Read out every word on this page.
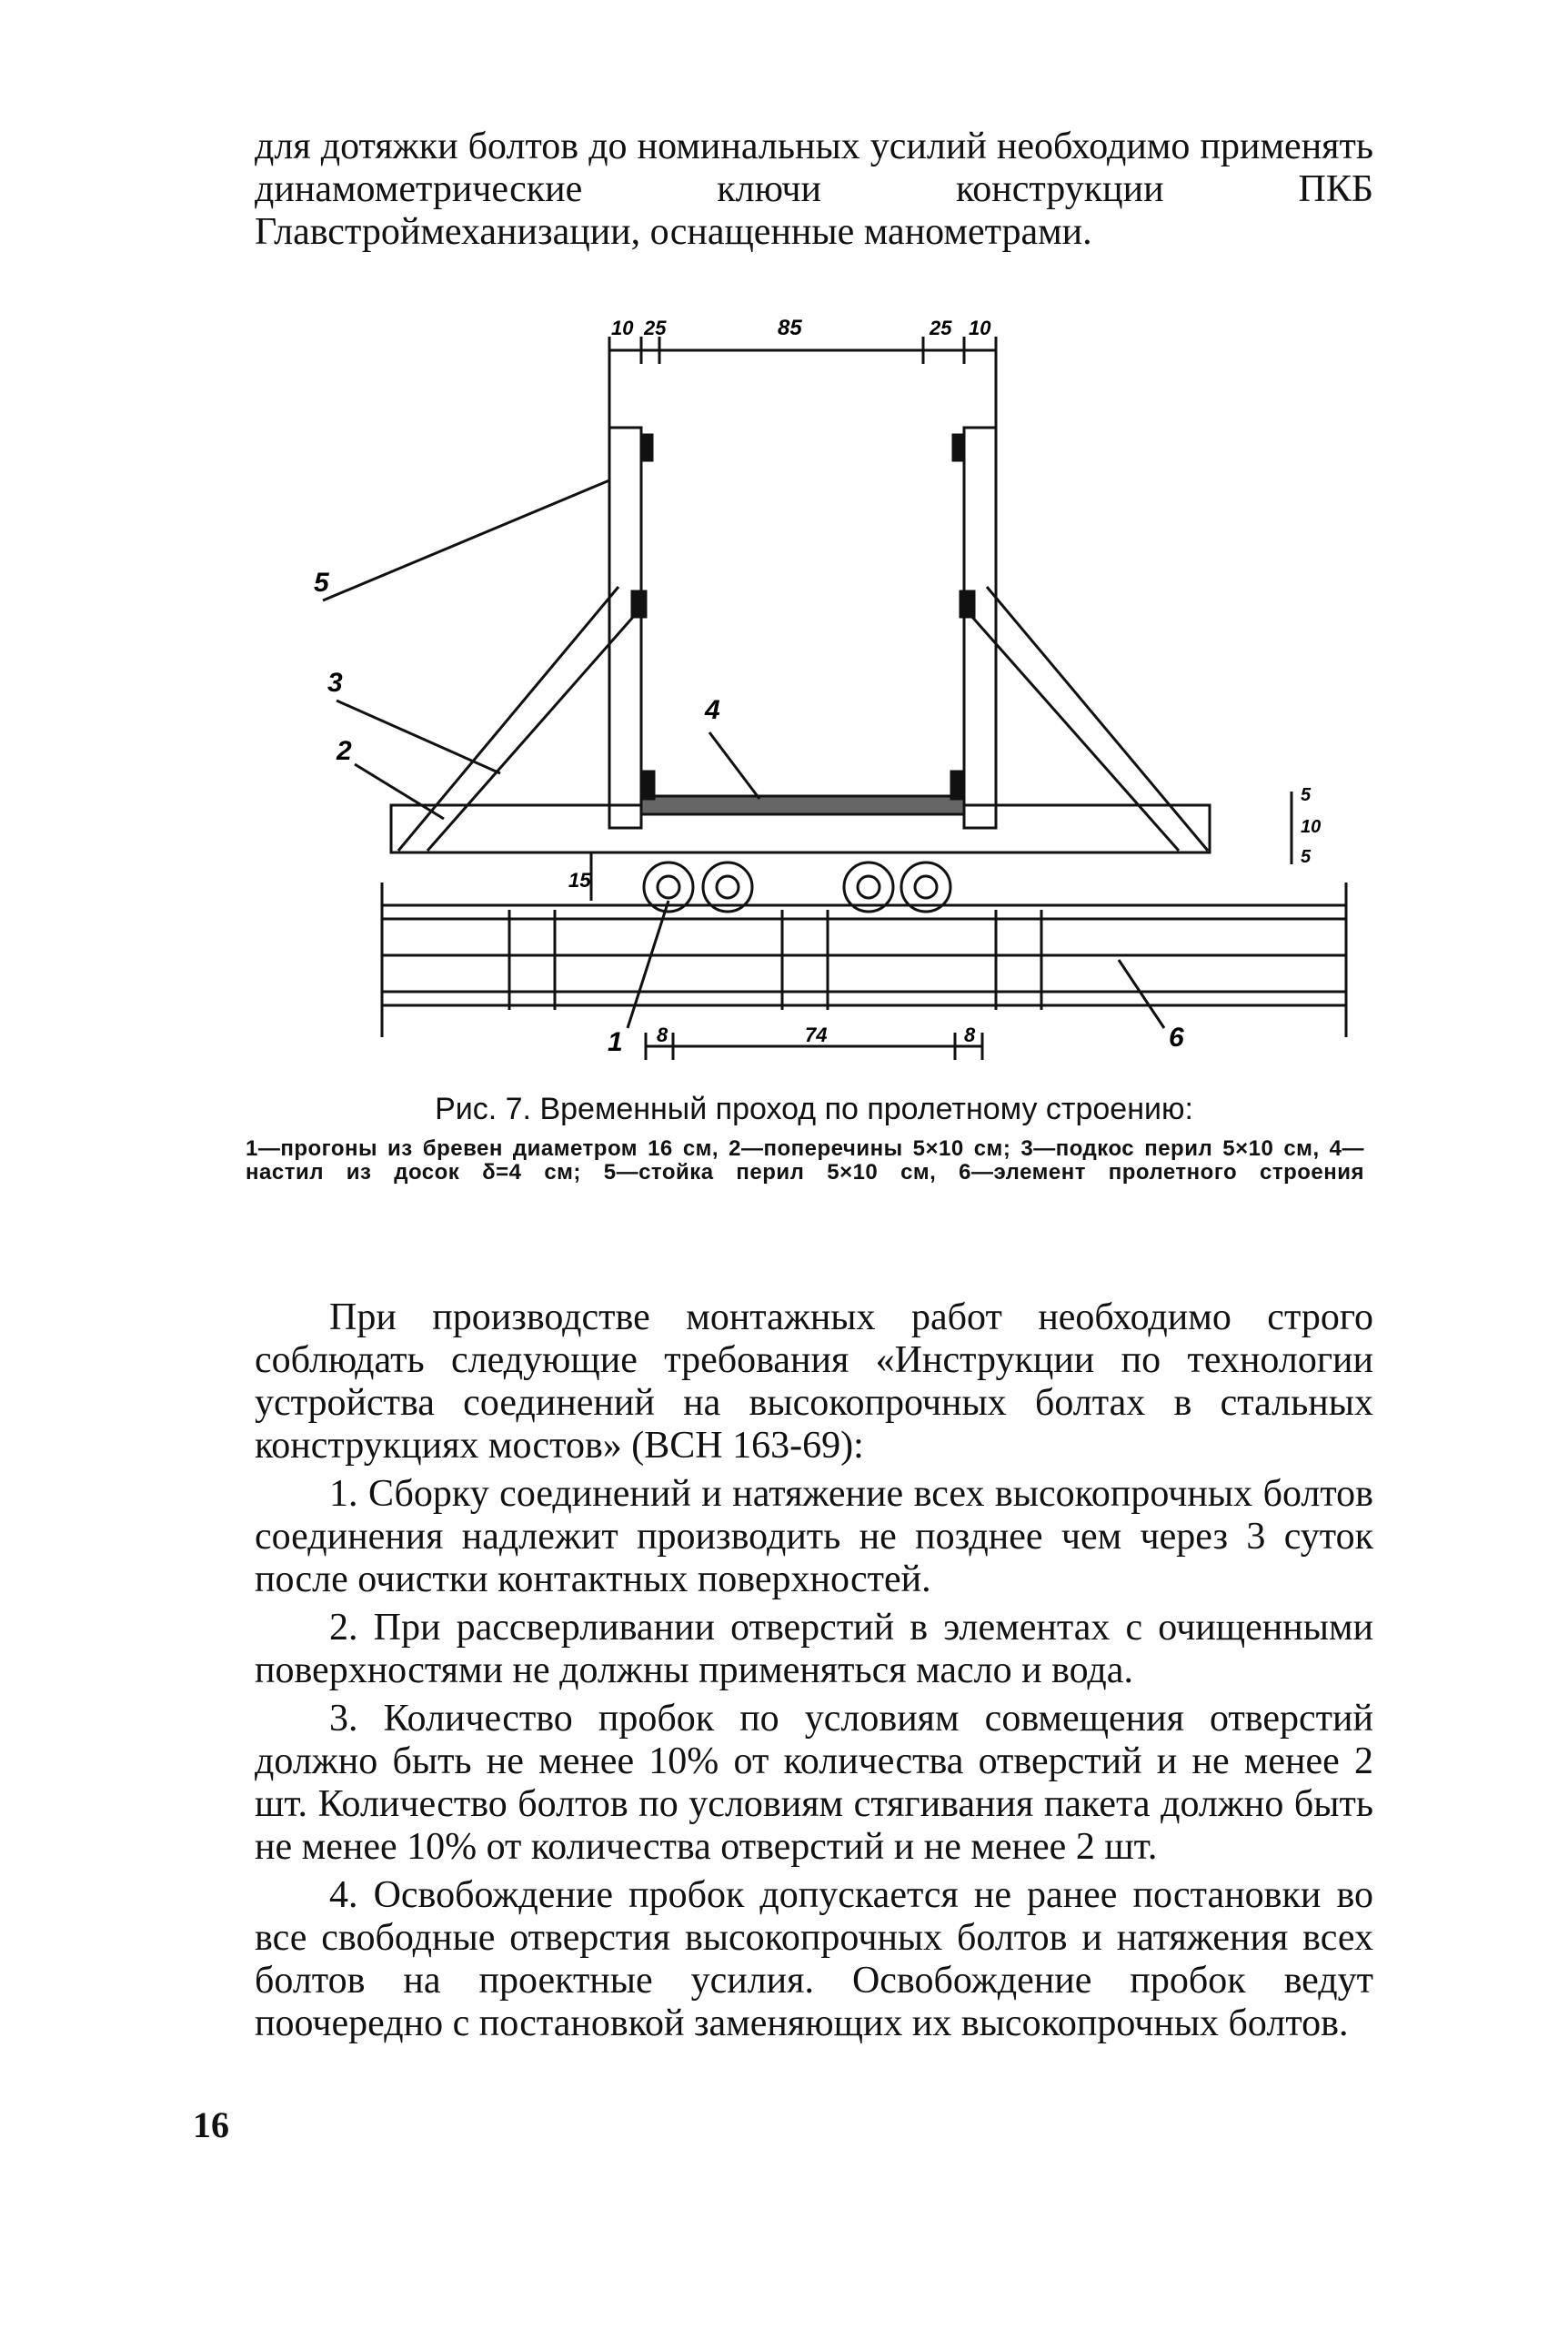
для дотяжки болтов до номинальных усилий необходимо применять динамометрические ключи конструкции ПКБ Главстроймеханизации, оснащенные манометрами.
10 25	85	25 10
8	74	8
15
5
10
5
1
2
3
4
5
6
Рис. 7. Временный проход по пролетному строению:
1—прогоны из бревен диаметром 16 см, 2—поперечины 5×10 см; 3—подкос перил 5×10 см, 4—настил из досок δ=4 см; 5—стойка перил 5×10 см, 6—элемент пролетного строения

При производстве монтажных работ необходимо строго соблюдать следующие требования «Инструкции по технологии устройства соединений на высокопрочных болтах в стальных конструкциях мостов» (ВСН 163-69):

1. Сборку соединений и натяжение всех высокопрочных болтов соединения надлежит производить не позднее чем через 3 суток после очистки контактных поверхностей.

2. При рассверливании отверстий в элементах с очищенными поверхностями не должны применяться масло и вода.

3. Количество пробок по условиям совмещения отверстий должно быть не менее 10% от количества отверстий и не менее 2 шт. Количество болтов по условиям стягивания пакета должно быть не менее 10% от количества отверстий и не менее 2 шт.

4. Освобождение пробок допускается не ранее постановки во все свободные отверстия высокопрочных болтов и натяжения всех болтов на проектные усилия. Освобождение пробок ведут поочередно с постановкой заменяющих их высокопрочных болтов.

16
